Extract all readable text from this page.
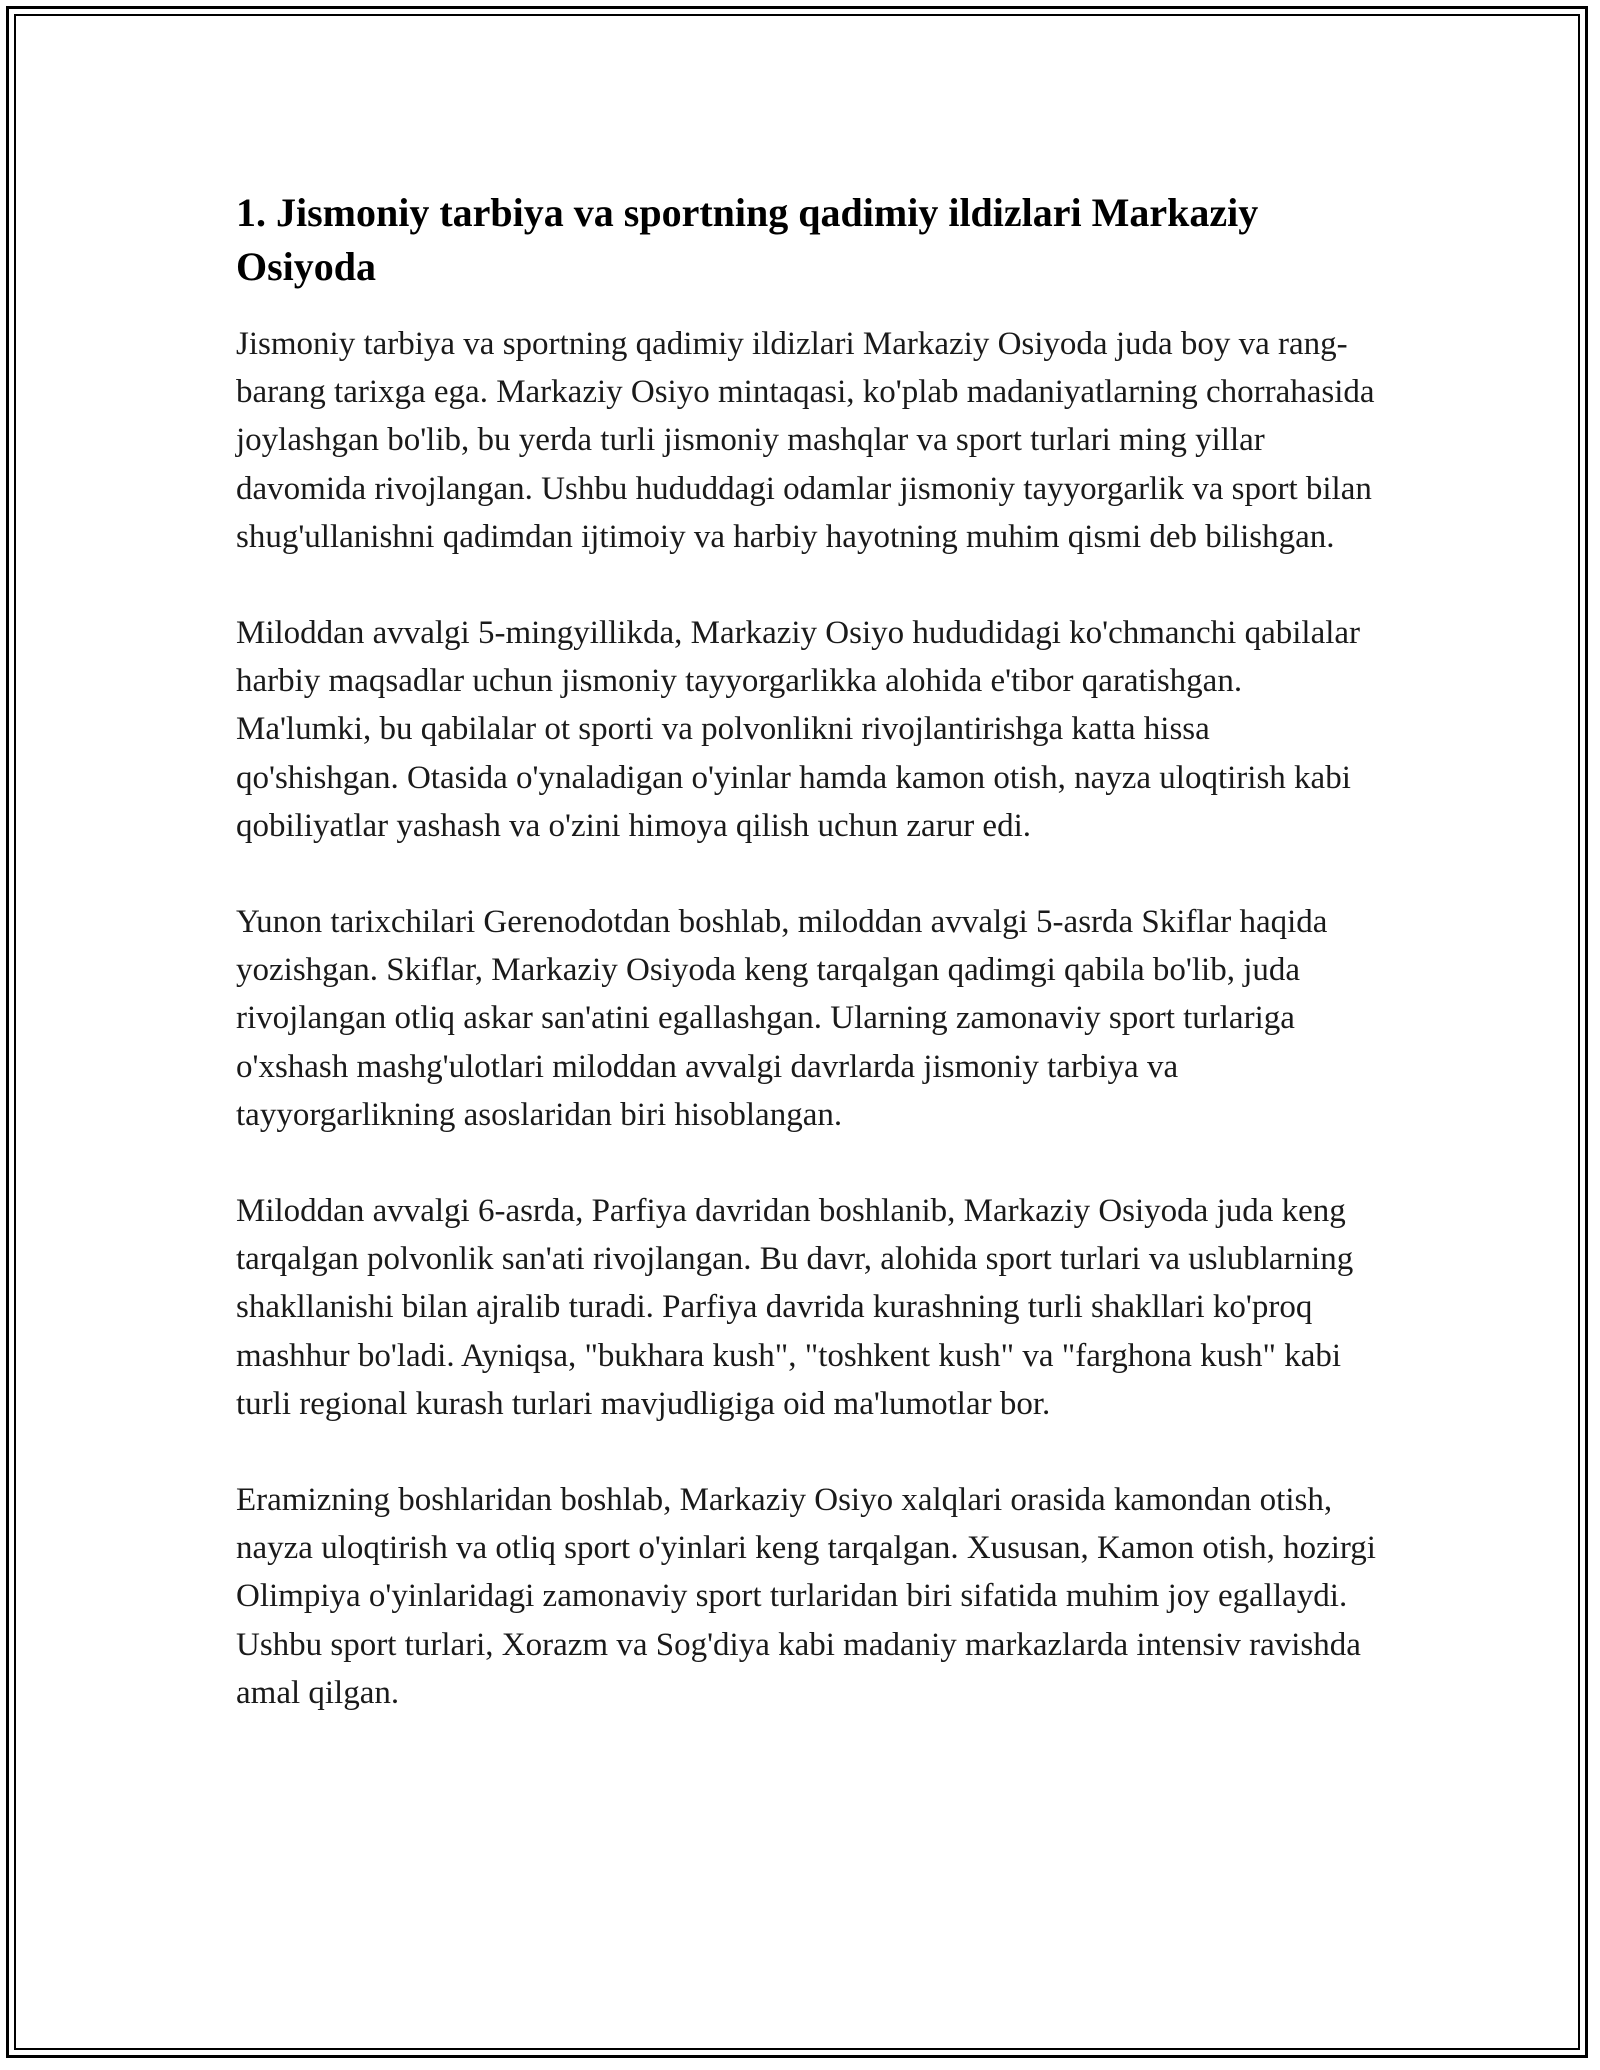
1. Jismoniy tarbiya va sportning qadimiy ildizlari Markaziy Osiyoda

Jismoniy tarbiya va sportning qadimiy ildizlari Markaziy Osiyoda juda boy va rang-barang tarixga ega. Markaziy Osiyo mintaqasi, ko'plab madaniyatlarning chorrahasida joylashgan bo'lib, bu yerda turli jismoniy mashqlar va sport turlari ming yillar davomida rivojlangan. Ushbu hududdagi odamlar jismoniy tayyorgarlik va sport bilan shug'ullanishni qadimdan ijtimoiy va harbiy hayotning muhim qismi deb bilishgan.

Miloddan avvalgi 5-mingyillikda, Markaziy Osiyo hududidagi ko'chmanchi qabilalar harbiy maqsadlar uchun jismoniy tayyorgarlikka alohida e'tibor qaratishgan. Ma'lumki, bu qabilalar ot sporti va polvonlikni rivojlantirishga katta hissa qo'shishgan. Otasida o'ynaladigan o'yinlar hamda kamon otish, nayza uloqtirish kabi qobiliyatlar yashash va o'zini himoya qilish uchun zarur edi.

Yunon tarixchilari Gerenodotdan boshlab, miloddan avvalgi 5-asrda Skiflar haqida yozishgan. Skiflar, Markaziy Osiyoda keng tarqalgan qadimgi qabila bo'lib, juda rivojlangan otliq askar san'atini egallashgan. Ularning zamonaviy sport turlariga o'xshash mashg'ulotlari miloddan avvalgi davrlarda jismoniy tarbiya va tayyorgarlikning asoslaridan biri hisoblangan.

Miloddan avvalgi 6-asrda, Parfiya davridan boshlanib, Markaziy Osiyoda juda keng tarqalgan polvonlik san'ati rivojlangan. Bu davr, alohida sport turlari va uslublarning shakllanishi bilan ajralib turadi. Parfiya davrida kurashning turli shakllari ko'proq mashhur bo'ladi. Ayniqsa, "bukhara kush", "toshkent kush" va "farghona kush" kabi turli regional kurash turlari mavjudligiga oid ma'lumotlar bor.

Eramizning boshlaridan boshlab, Markaziy Osiyo xalqlari orasida kamondan otish, nayza uloqtirish va otliq sport o'yinlari keng tarqalgan. Xususan, Kamon otish, hozirgi Olimpiya o'yinlaridagi zamonaviy sport turlaridan biri sifatida muhim joy egallaydi. Ushbu sport turlari, Xorazm va Sog'diya kabi madaniy markazlarda intensiv ravishda amal qilgan.
